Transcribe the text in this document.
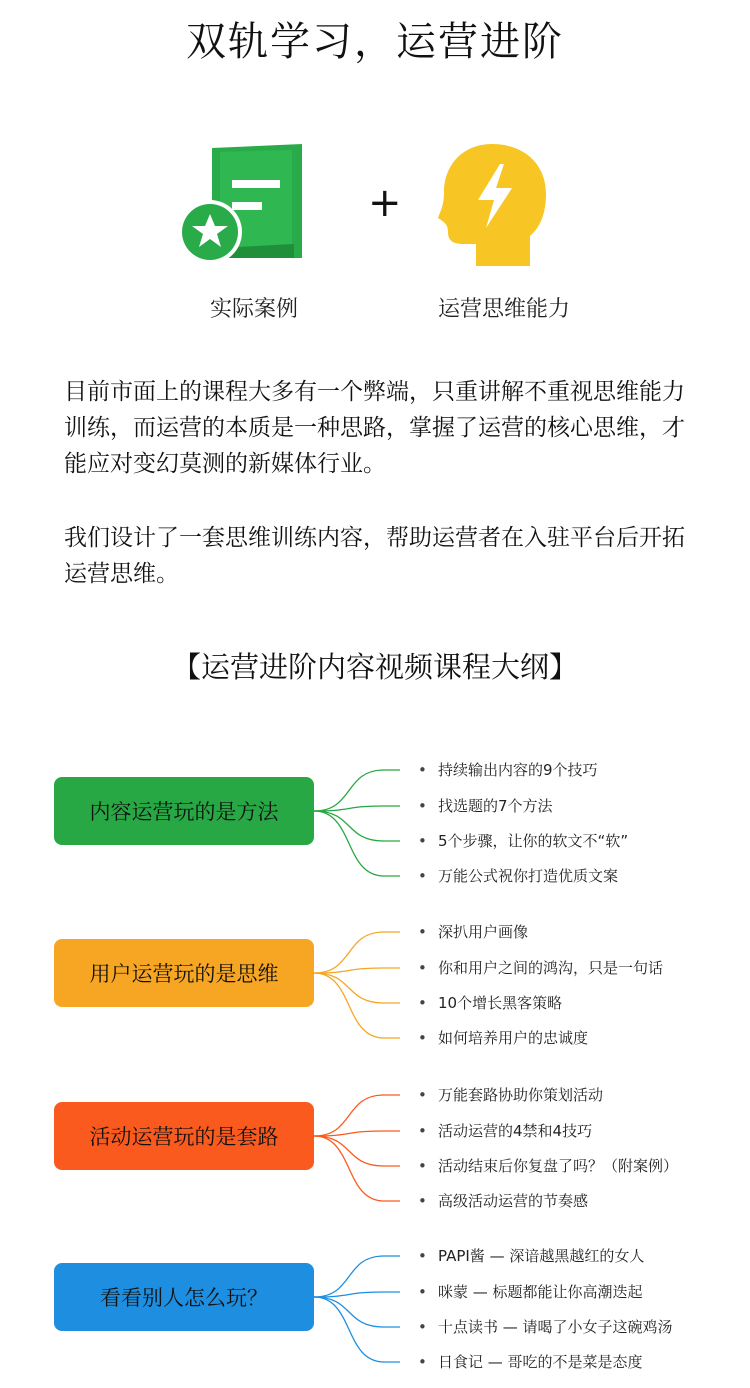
双轨学习，运营进阶
+
实际案例	运营思维能力
目前市面上的课程大多有一个弊端，只重讲解不重视思维能力训练，而运营的本质是一种思路，掌握了运营的核心思维，才能应对变幻莫测的新媒体行业。
我们设计了一套思维训练内容，帮助运营者在入驻平台后开拓运营思维。
【运营进阶内容视频课程大纲】
内容运营玩的是方法
• 持续输出内容的9个技巧
• 找选题的7个方法
• 5个步骤，让你的软文不“软”
• 万能公式祝你打造优质文案
用户运营玩的是思维
• 深扒用户画像
• 你和用户之间的鸿沟，只是一句话
• 10个增长黑客策略
• 如何培养用户的忠诚度
活动运营玩的是套路
• 万能套路协助你策划活动
• 活动运营的4禁和4技巧
• 活动结束后你复盘了吗？（附案例）
• 高级活动运营的节奏感
看看别人怎么玩？
• PAPI酱 — 深谙越黑越红的女人
• 咪蒙 — 标题都能让你高潮迭起
• 十点读书 — 请喝了小女子这碗鸡汤
• 日食记 — 哥吃的不是菜是态度
